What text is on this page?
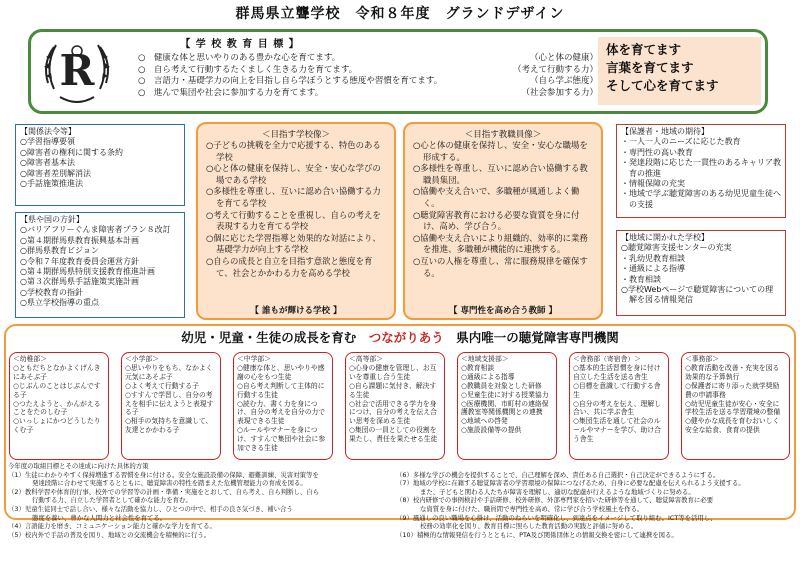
群馬県立聾学校　令和８年度　グランドデザイン
R
【 学 校 教 育 目 標 】
○　健康な体と思いやりのある豊かな心を育てます。	（心と体の健康）
○　自ら考えて行動するたくましく生きる力を育てます。	（考えて行動する力）
○　言語力・基礎学力の向上を目指し自ら学ぼうとする態度や習慣を育てます。	（自ら学ぶ態度）
○　進んで集団や社会に参加する力を育てます。	（社会参加する力）
体を育てます
言葉を育てます
そして心を育てます
【関係法令等】
○学習指導要領
○障害者の権利に関する条約
○障害者基本法
○障害者差別解消法
○手話施策推進法
【県や国の方針】
○バリアフリーぐんま障害者プラン８改訂
○第４期群馬県教育振興基本計画
○群馬県教育ビジョン
○令和７年度教育委員会運営方針
○第４期群馬県特別支援教育推進計画
○第３次群馬県手話施策実施計画
○学校教育の指針
○県立学校指導の重点
＜目指す学校像＞
○子どもの挑戦を全力で応援する、特色のある学校
○心と体の健康を保持し、安全・安心な学びの場である学校
○多様性を尊重し、互いに認め合い協働する力を育てる学校
○考えて行動することを重視し、自らの考えを表現する力を育てる学校
○個に応じた学習指導と効果的な対話により、基礎学力が向上する学校
○自らの成長と自立を目指す意欲と態度を育て、社会とかかわる力を高める学校
【 誰もが輝ける学校 】
＜目指す教職員像＞
○心と体の健康を保持し、安全・安心な職場を形成する。
○多様性を尊重し、互いに認め合い協働する教職員集団。
○協働や支え合いで、多職種が風通しよく働く。
○聴覚障害教育における必要な資質を身に付け、高め、学び合う。
○協働や支え合いにより組織的、効率的に業務を推進、多職種が機能的に連携する。
○互いの人権を尊重し、常に服務規律を確保する。
【 専門性を高め合う教師 】
【保護者・地域の期待】
・一人一人のニーズに応じた教育
・専門性の高い教育
・発達段階に応じた一貫性のあるキャリア教育の推進
・情報保障の充実
・地域で学ぶ聴覚障害のある幼児児童生徒への支援
【地域に開かれた学校】
○聴覚障害支援センターの充実
・乳幼児教育相談
・通級による指導
・教育相談
○学校Webページで聴覚障害についての理解を図る情報発信
幼児・児童・生徒の成長を育む　 つながりあう　 県内唯一の聴覚障害専門機関
＜幼稚部＞
○ともだちとなかよくげんきにあそぶ子
○じぶんのことはじぶんでする子
○つたえようと、かんがえることをたのしむ子
○いっしょにかつどうしたりくむ子
＜小学部＞
○思いやりをもち、なかよく元気にあそぶ子
○よく考えて行動する子
○すすんで学習し、自分の考えを相手に伝えようと表現する子
○相手の気持ちを意識して、友達とかかわる子
＜中学部＞
○健康な体と、思いやりや感謝の心をもつ生徒
○自ら考え判断して主体的に行動する生徒
○読む力、書く力を身につけ、自分の考えを自分の力で表現できる生徒
○ルールやマナーを身につけ、すすんで集団や社会に参加できる生徒
＜高等部＞
○心身の健康を管理し、お互いを尊重し合う生徒
○自ら課題に気付き、解決する生徒
○社会で活用できる学力を身につけ、自分の考えを伝え合い思考を深める生徒
○集団の一員としての役割を果たし、責任を果たせる生徒
＜地域支援部＞
○教育相談
○通級による指導
○教職員を対象とした研修
○児童生徒に対する授業協力
○医療機関、市町村の連絡保護教室等関係機関との連携
○地域への啓発
○施設設備等の提供
＜舎務部（寄宿舎）＞
○基本的生活習慣を身に付け自立した生活を送る舎生
○目標を意識して行動する舎生
○自分の考えを伝え、理解し合い、共に学ぶ舎生
○集団生活を通して社会のルールやマナーを学び、助け合う舎生
＜事務部＞
○教育活動を改善・充実を図る効果的な予算執行
○保護者に寄り添った就学奨励費の申請事務
○幼児児童生徒が安心・安全に学校生活を送る学習環境の整備
○健やかな成長を育むおいしく安全な給食、食育の提供
今年度の取組目標とその達成に向けた具体的方策
（1）生徒にわかりやすく保持増進する習慣を身に付ける。安全な施設設備の保障、避難訓練、災害対策等を
発達段階に合わせて実施するとともに、聴覚障害の特性を踏まえた危機管理能力の育成を図る。
（2）教科学習や体育的行事、校外での学習等の計画・準備・実施をとおして、自ら考え、自ら判断し、自ら
行動する力、自立した学習者として確かな能力を育む。
（3）児童生徒同士で話し合い、様々な活動を協力し、ひとつの中で、相手の良さ気づき、補い合う
態度を養い、豊かな人間力と社会性を育てる。
（4）言語能力を磨き、コミュニケーション能力と確かな学力を育てる。
（5）校内外で手話の普及を図り、地域との交流機会を積極的に行う。
（6）多様な学びの機会を提供することで、自己理解を深め、責任ある自己選択・自己決定ができるようにする。
（7）地域の学校に在籍する聴覚障害者の学習環境の保障につなげるため、自身に必要な配慮を伝えられるよう支援する。
また、子どもと関わる人たちが障害を理解し、適切な配慮が行えるような地域づくりに努める。
（8）校内研修での事例検討や手話研修、校外研修、外部専門家を招いた研修等を通して、聴覚障害教育に必要
な資質を身に付けた、職員間で専門性を高め、常に学び合う学校風土を作る。
（9）風通しの良い職場を心掛け、活動のねらいを明確化し、到達点をイメージして取り組む。ICT等を活用し、
校務の効率化を図り、教育目標に照らした教育活動の実践と評価に努める。
（10）積極的な情報発信を行うとともに、PTA及び関係団体との情報交換を密にして連携を図る。
